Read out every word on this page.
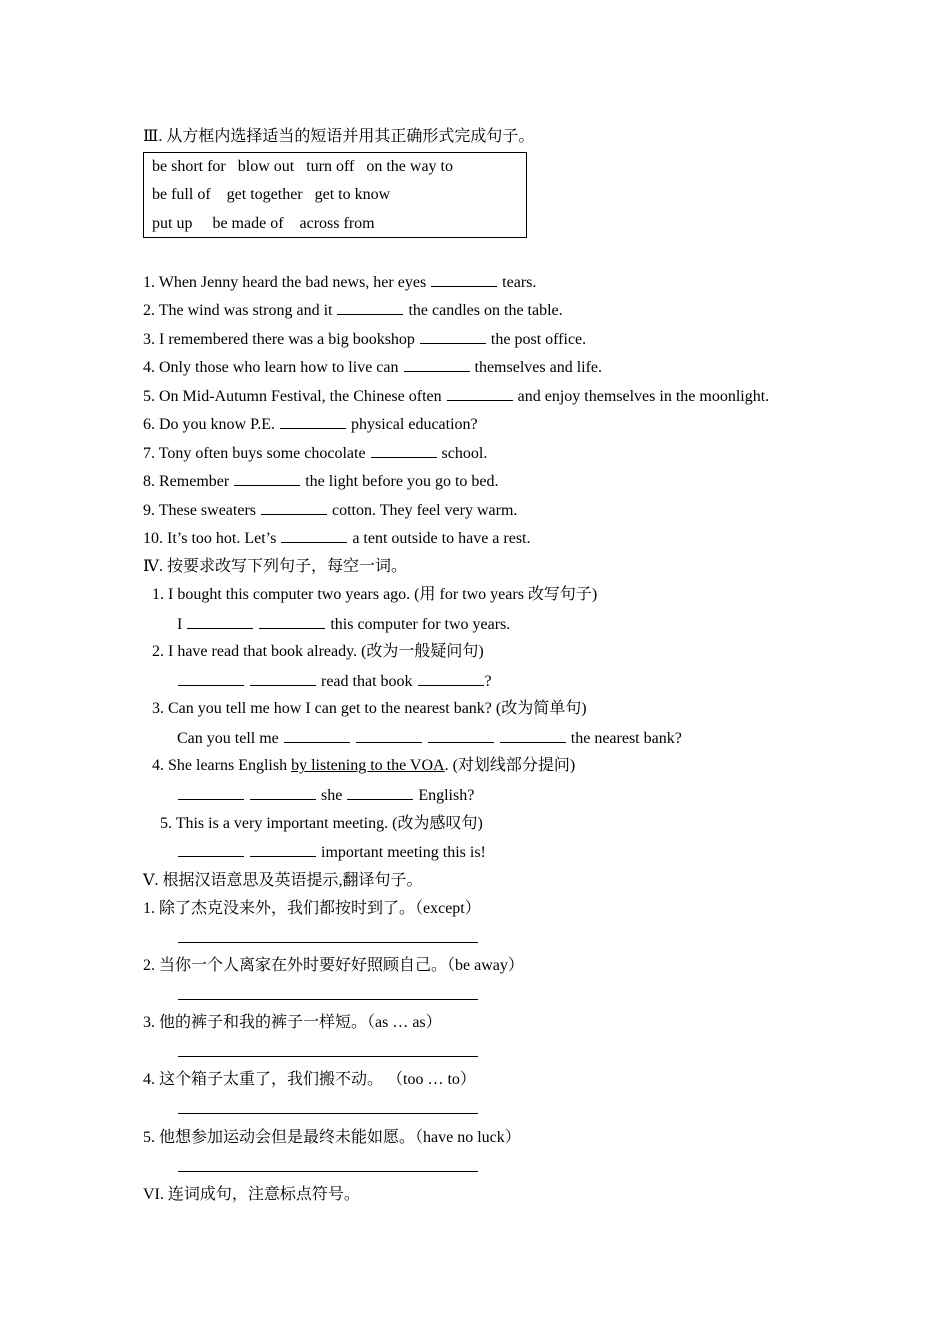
Ⅲ. 从方框内选择适当的短语并用其正确形式完成句子。
be short for   blow out   turn off   on the way to
be full of    get together   get to know
put up     be made of    across from
1. When Jenny heard the bad news, her eyes	tears.
2. The wind was strong and it	the candles on the table.
3. I remembered there was a big bookshop	the post office.
4. Only those who learn how to live can	themselves and life.
5. On Mid-Autumn Festival, the Chinese often	and enjoy themselves in the moonlight.
6. Do you know P.E.	physical education?
7. Tony often buys some chocolate	school.
8. Remember	the light before you go to bed.
9. These sweaters	cotton. They feel very warm.
10. It’s too hot. Let’s	a tent outside to have a rest.
Ⅳ. 按要求改写下列句子，每空一词。
1. I bought this computer two years ago. (用 for two years 改写句子)
I	this computer for two years.
2. I have read that book already. (改为一般疑问句)
read that book	?
3. Can you tell me how I can get to the nearest bank? (改为简单句)
Can you tell me	the nearest bank?
4. She learns English by listening to the VOA. (对划线部分提问)
she	English?
5. This is a very important meeting. (改为感叹句)
important meeting this is!
Ⅴ. 根据汉语意思及英语提示,翻译句子。
1. 除了杰克没来外，我们都按时到了。（except）
2. 当你一个人离家在外时要好好照顾自己。（be away）
3. 他的裤子和我的裤子一样短。（as … as）
4. 这个箱子太重了，我们搬不动。 （too … to）
5. 他想参加运动会但是最终未能如愿。（have no luck）
VI. 连词成句，注意标点符号。
